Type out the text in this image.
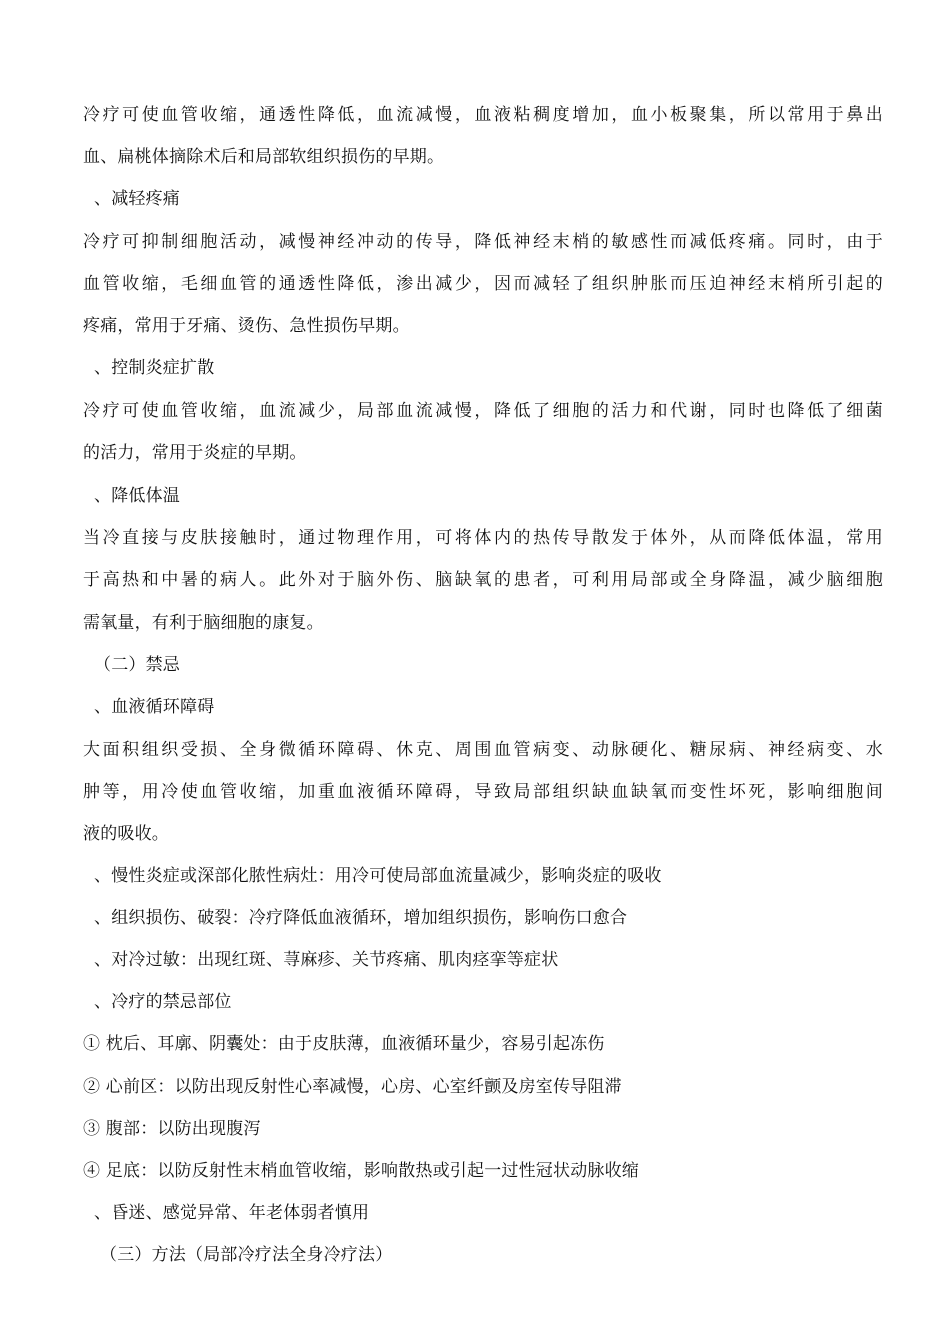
冷疗可使血管收缩，通透性降低，血流减慢，血液粘稠度增加，血小板聚集，所以常用于鼻出
血、扁桃体摘除术后和局部软组织损伤的早期。
、减轻疼痛
冷疗可抑制细胞活动，减慢神经冲动的传导，降低神经末梢的敏感性而减低疼痛。同时，由于
血管收缩，毛细血管的通透性降低，渗出减少，因而减轻了组织肿胀而压迫神经末梢所引起的
疼痛，常用于牙痛、烫伤、急性损伤早期。
、控制炎症扩散
冷疗可使血管收缩，血流减少，局部血流减慢，降低了细胞的活力和代谢，同时也降低了细菌
的活力，常用于炎症的早期。
、降低体温
当冷直接与皮肤接触时，通过物理作用，可将体内的热传导散发于体外，从而降低体温，常用
于高热和中暑的病人。此外对于脑外伤、脑缺氧的患者，可利用局部或全身降温，减少脑细胞
需氧量，有利于脑细胞的康复。
（二）禁忌
、血液循环障碍
大面积组织受损、全身微循环障碍、休克、周围血管病变、动脉硬化、糖尿病、神经病变、水
肿等，用冷使血管收缩，加重血液循环障碍，导致局部组织缺血缺氧而变性坏死，影响细胞间
液的吸收。
、慢性炎症或深部化脓性病灶：用冷可使局部血流量减少，影响炎症的吸收
、组织损伤、破裂：冷疗降低血液循环，增加组织损伤，影响伤口愈合
、对冷过敏：出现红斑、荨麻疹、关节疼痛、肌肉痉挛等症状
、冷疗的禁忌部位
① 枕后、耳廓、阴囊处：由于皮肤薄，血液循环量少，容易引起冻伤
② 心前区：以防出现反射性心率减慢，心房、心室纤颤及房室传导阻滞
③ 腹部：以防出现腹泻
④ 足底：以防反射性末梢血管收缩，影响散热或引起一过性冠状动脉收缩
、昏迷、感觉异常、年老体弱者慎用
（三）方法（局部冷疗法全身冷疗法）
